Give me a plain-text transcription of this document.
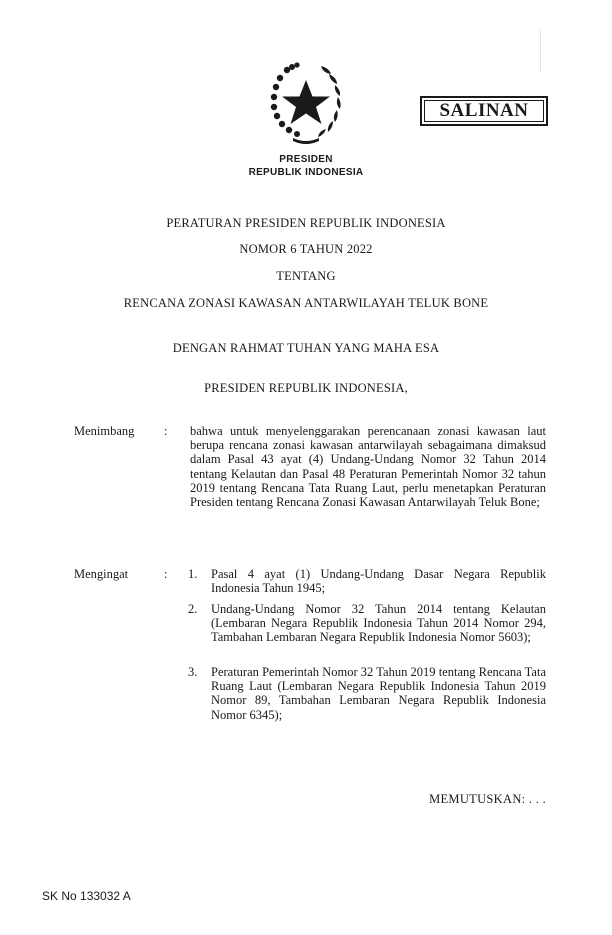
SALINAN
PRESIDEN
REPUBLIK INDONESIA
PERATURAN PRESIDEN REPUBLIK INDONESIA
NOMOR 6 TAHUN 2022
TENTANG
RENCANA ZONASI KAWASAN ANTARWILAYAH TELUK BONE
DENGAN RAHMAT TUHAN YANG MAHA ESA
PRESIDEN REPUBLIK INDONESIA,
Menimbang : bahwa untuk menyelenggarakan perencanaan zonasi kawasan laut berupa rencana zonasi kawasan antarwilayah sebagaimana dimaksud dalam Pasal 43 ayat (4) Undang-Undang Nomor 32 Tahun 2014 tentang Kelautan dan Pasal 48 Peraturan Pemerintah Nomor 32 tahun 2019 tentang Rencana Tata Ruang Laut, perlu menetapkan Peraturan Presiden tentang Rencana Zonasi Kawasan Antarwilayah Teluk Bone;
Mengingat	: 1.	Pasal 4 ayat (1) Undang-Undang Dasar Negara Republik Indonesia Tahun 1945;
2.	Undang-Undang Nomor 32 Tahun 2014 tentang Kelautan (Lembaran Negara Republik Indonesia Tahun 2014 Nomor 294, Tambahan Lembaran Negara Republik Indonesia Nomor 5603);
3.	Peraturan Pemerintah Nomor 32 Tahun 2019 tentang Rencana Tata Ruang Laut (Lembaran Negara Republik Indonesia Tahun 2019 Nomor 89, Tambahan Lembaran Negara Republik Indonesia Nomor 6345);
MEMUTUSKAN: . . .
SK No 133032 A
